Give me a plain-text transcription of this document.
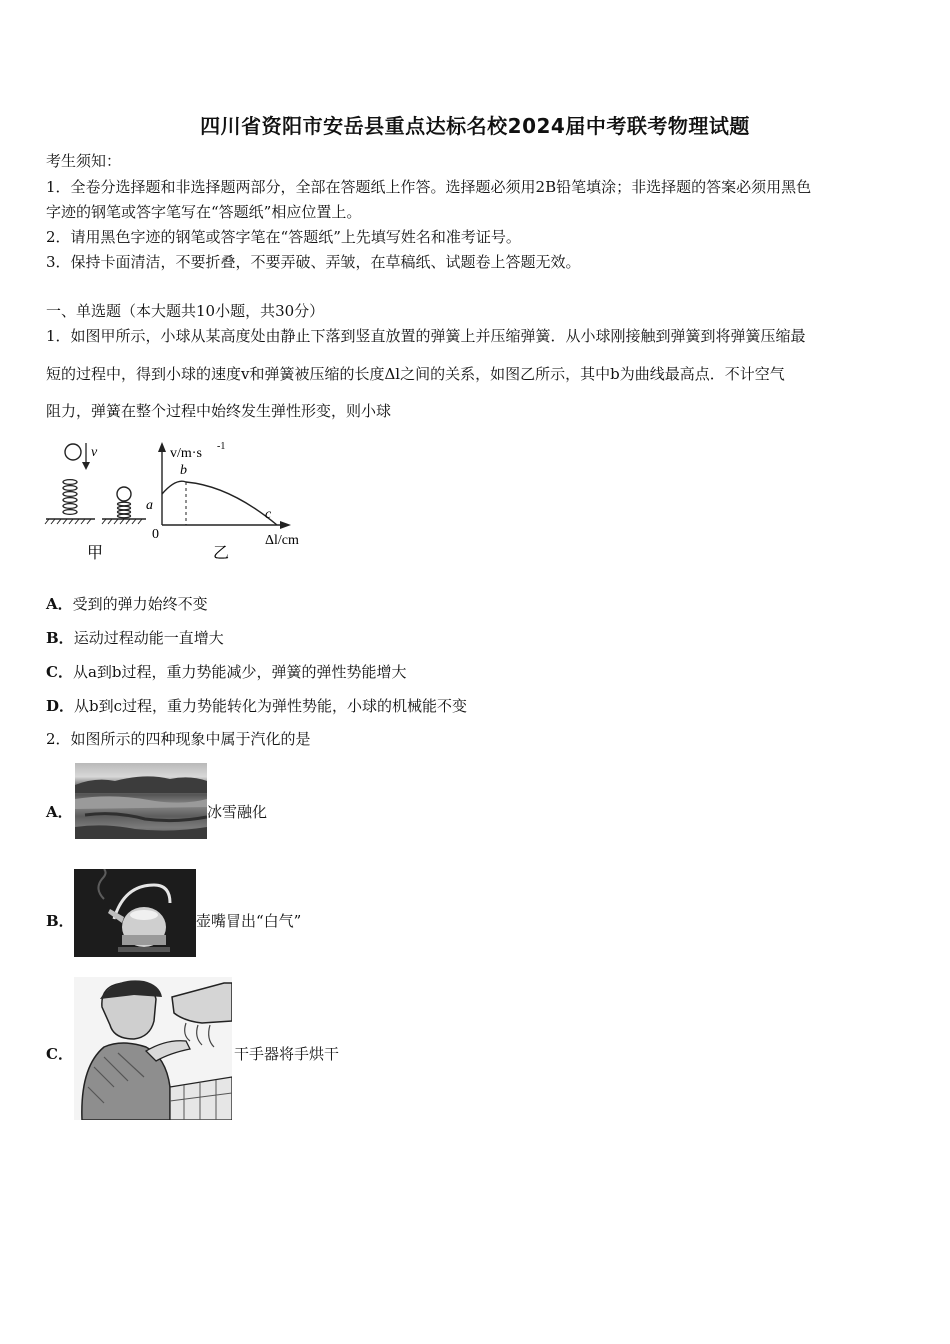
四川省资阳市安岳县重点达标名校2024届中考联考物理试题
考生须知：
1．全卷分选择题和非选择题两部分，全部在答题纸上作答。选择题必须用2B铅笔填涂；非选择题的答案必须用黑色
字迹的钢笔或答字笔写在“答题纸”相应位置上。
2．请用黑色字迹的钢笔或答字笔在“答题纸”上先填写姓名和准考证号。
3．保持卡面清洁，不要折叠，不要弄破、弄皱，在草稿纸、试题卷上答题无效。
一、单选题（本大题共10小题，共30分）
1．如图甲所示，小球从某高度处由静止下落到竖直放置的弹簧上并压缩弹簧．从小球刚接触到弹簧到将弹簧压缩最
短的过程中，得到小球的速度v和弹簧被压缩的长度Δl之间的关系，如图乙所示，其中b为曲线最高点．不计空气
阻力，弹簧在整个过程中始终发生弹性形变，则小球
v
甲
v/m·s -1
Δl/cm
0
a
b
c
乙
A．受到的弹力始终不变
B．运动过程动能一直增大
C．从a到b过程，重力势能减少，弹簧的弹性势能增大
D．从b到c过程，重力势能转化为弹性势能，小球的机械能不变
2．如图所示的四种现象中属于汽化的是
A．	冰雪融化
B．	壶嘴冒出“白气”
C．	干手器将手烘干
